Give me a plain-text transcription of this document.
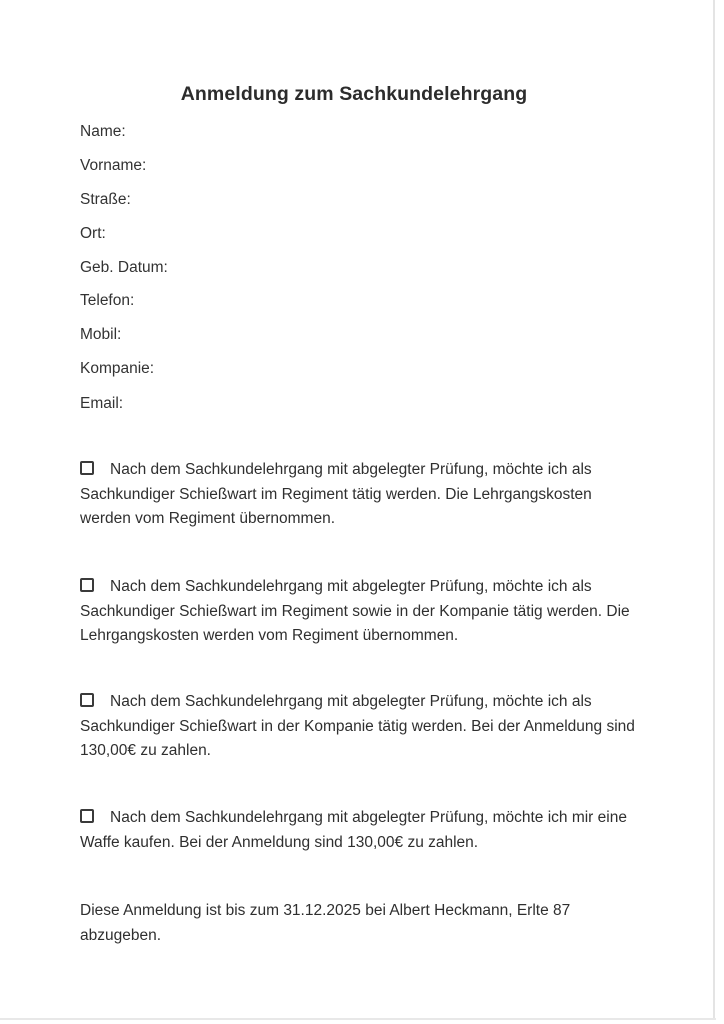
Anmeldung zum Sachkundelehrgang
Name:
Vorname:
Straße:
Ort:
Geb. Datum:
Telefon:
Mobil:
Kompanie:
Email:
Nach dem Sachkundelehrgang mit abgelegter Prüfung, möchte ich als Sachkundiger Schießwart im Regiment tätig werden. Die Lehrgangskosten werden vom Regiment übernommen.
Nach dem Sachkundelehrgang mit abgelegter Prüfung, möchte ich als Sachkundiger Schießwart im Regiment sowie in der Kompanie tätig werden. Die Lehrgangskosten werden vom Regiment übernommen.
Nach dem Sachkundelehrgang mit abgelegter Prüfung, möchte ich als Sachkundiger Schießwart in der Kompanie tätig werden. Bei der Anmeldung sind 130,00€ zu zahlen.
Nach dem Sachkundelehrgang mit abgelegter Prüfung, möchte ich mir eine Waffe kaufen. Bei der Anmeldung sind 130,00€ zu zahlen.
Diese Anmeldung ist bis zum 31.12.2025 bei Albert Heckmann, Erlte 87 abzugeben.
